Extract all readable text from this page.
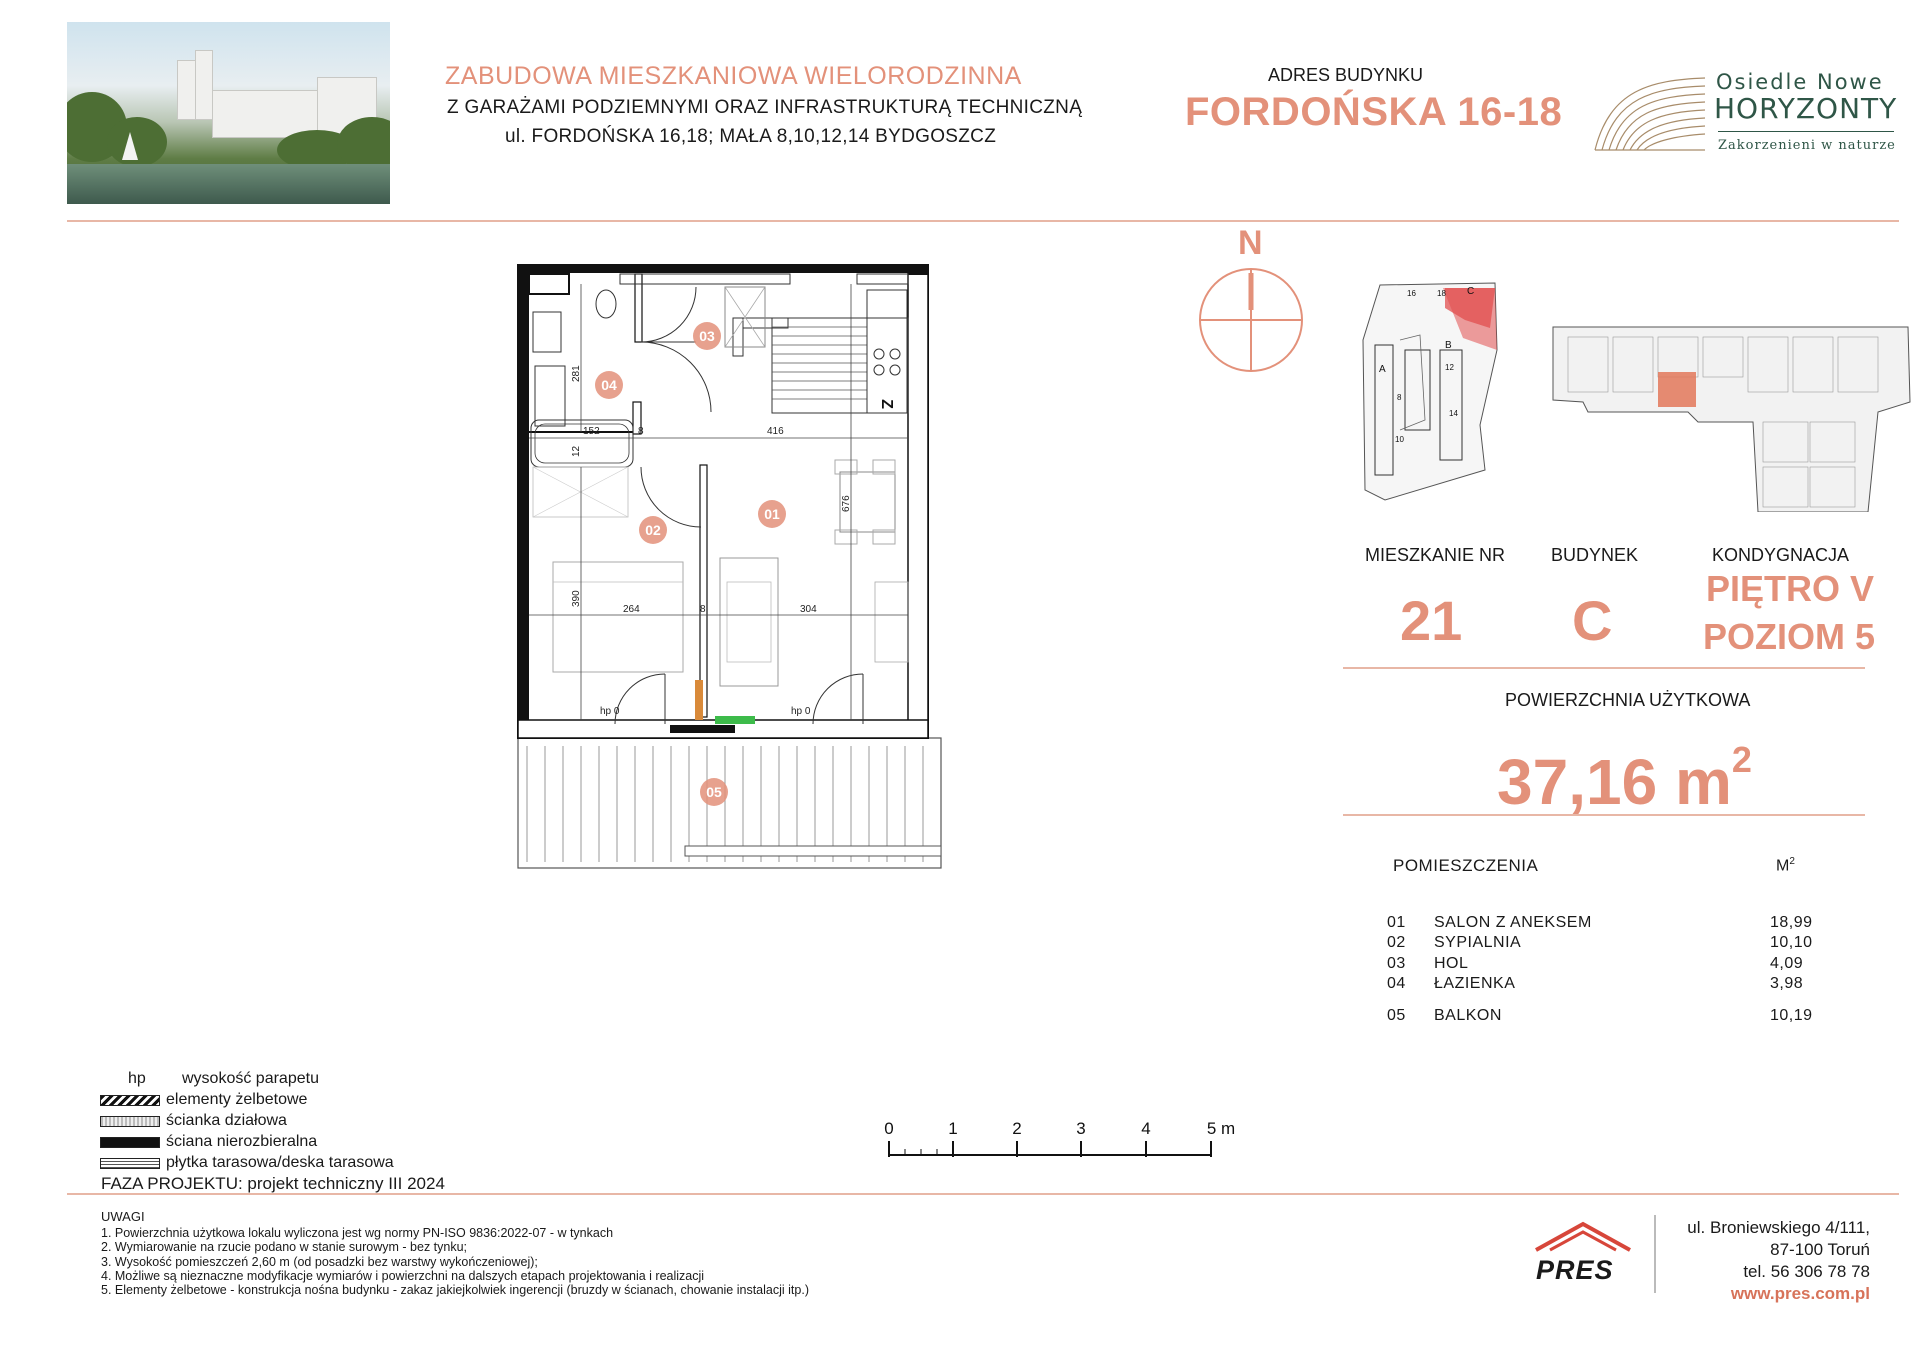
ZABUDOWA MIESZKANIOWA WIELORODZINNA
Z GARAŻAMI PODZIEMNYMI ORAZ INFRASTRUKTURĄ TECHNICZNĄ
ul. FORDOŃSKA 16,18; MAŁA 8,10,12,14 BYDGOSZCZ
ADRES BUDYNKU
FORDOŃSKA 16-18
Osiedle Nowe
HORYZONTY
Zakorzenieni w naturze
Z
152	8	416
264	8	304
281
12
676
390
hp 0	hp 0
01
02
03
04
05
N
16	18 C
B
A
8
10
12
14
MIESZKANIE NR	BUDYNEK	KONDYGNACJA
21 C
PIĘTRO V
POZIOM 5
POWIERZCHNIA UŻYTKOWA
37,16 $m^2$
POMIESZCZENIA	$M^2$
01 SALON Z ANEKSEM	18,99
02 SYPIALNIA	10,10
03 HOL	4,09
04 ŁAZIENKA	3,98
05 BALKON	10,19
hp wysokość parapetu
elementy żelbetowe
ścianka działowa
ściana nierozbieralna
płytka tarasowa/deska tarasowa
FAZA PROJEKTU: projekt techniczny III 2024
0	1	2	3	4	5 m
UWAGI
1. Powierzchnia użytkowa lokalu wyliczona jest wg normy PN-ISO 9836:2022-07 - w tynkach
2. Wymiarowanie na rzucie podano w stanie surowym - bez tynku;
3. Wysokość pomieszczeń 2,60 m (od posadzki bez warstwy wykończeniowej);
4. Możliwe są nieznaczne modyfikacje wymiarów i powierzchni na dalszych etapach projektowania i realizacji
5. Elementy żelbetowe - konstrukcja nośna budynku - zakaz jakiejkolwiek ingerencji (bruzdy w ścianach, chowanie instalacji itp.)
PRES
ul. Broniewskiego 4/111,
87-100 Toruń
tel. 56 306 78 78
www.pres.com.pl
